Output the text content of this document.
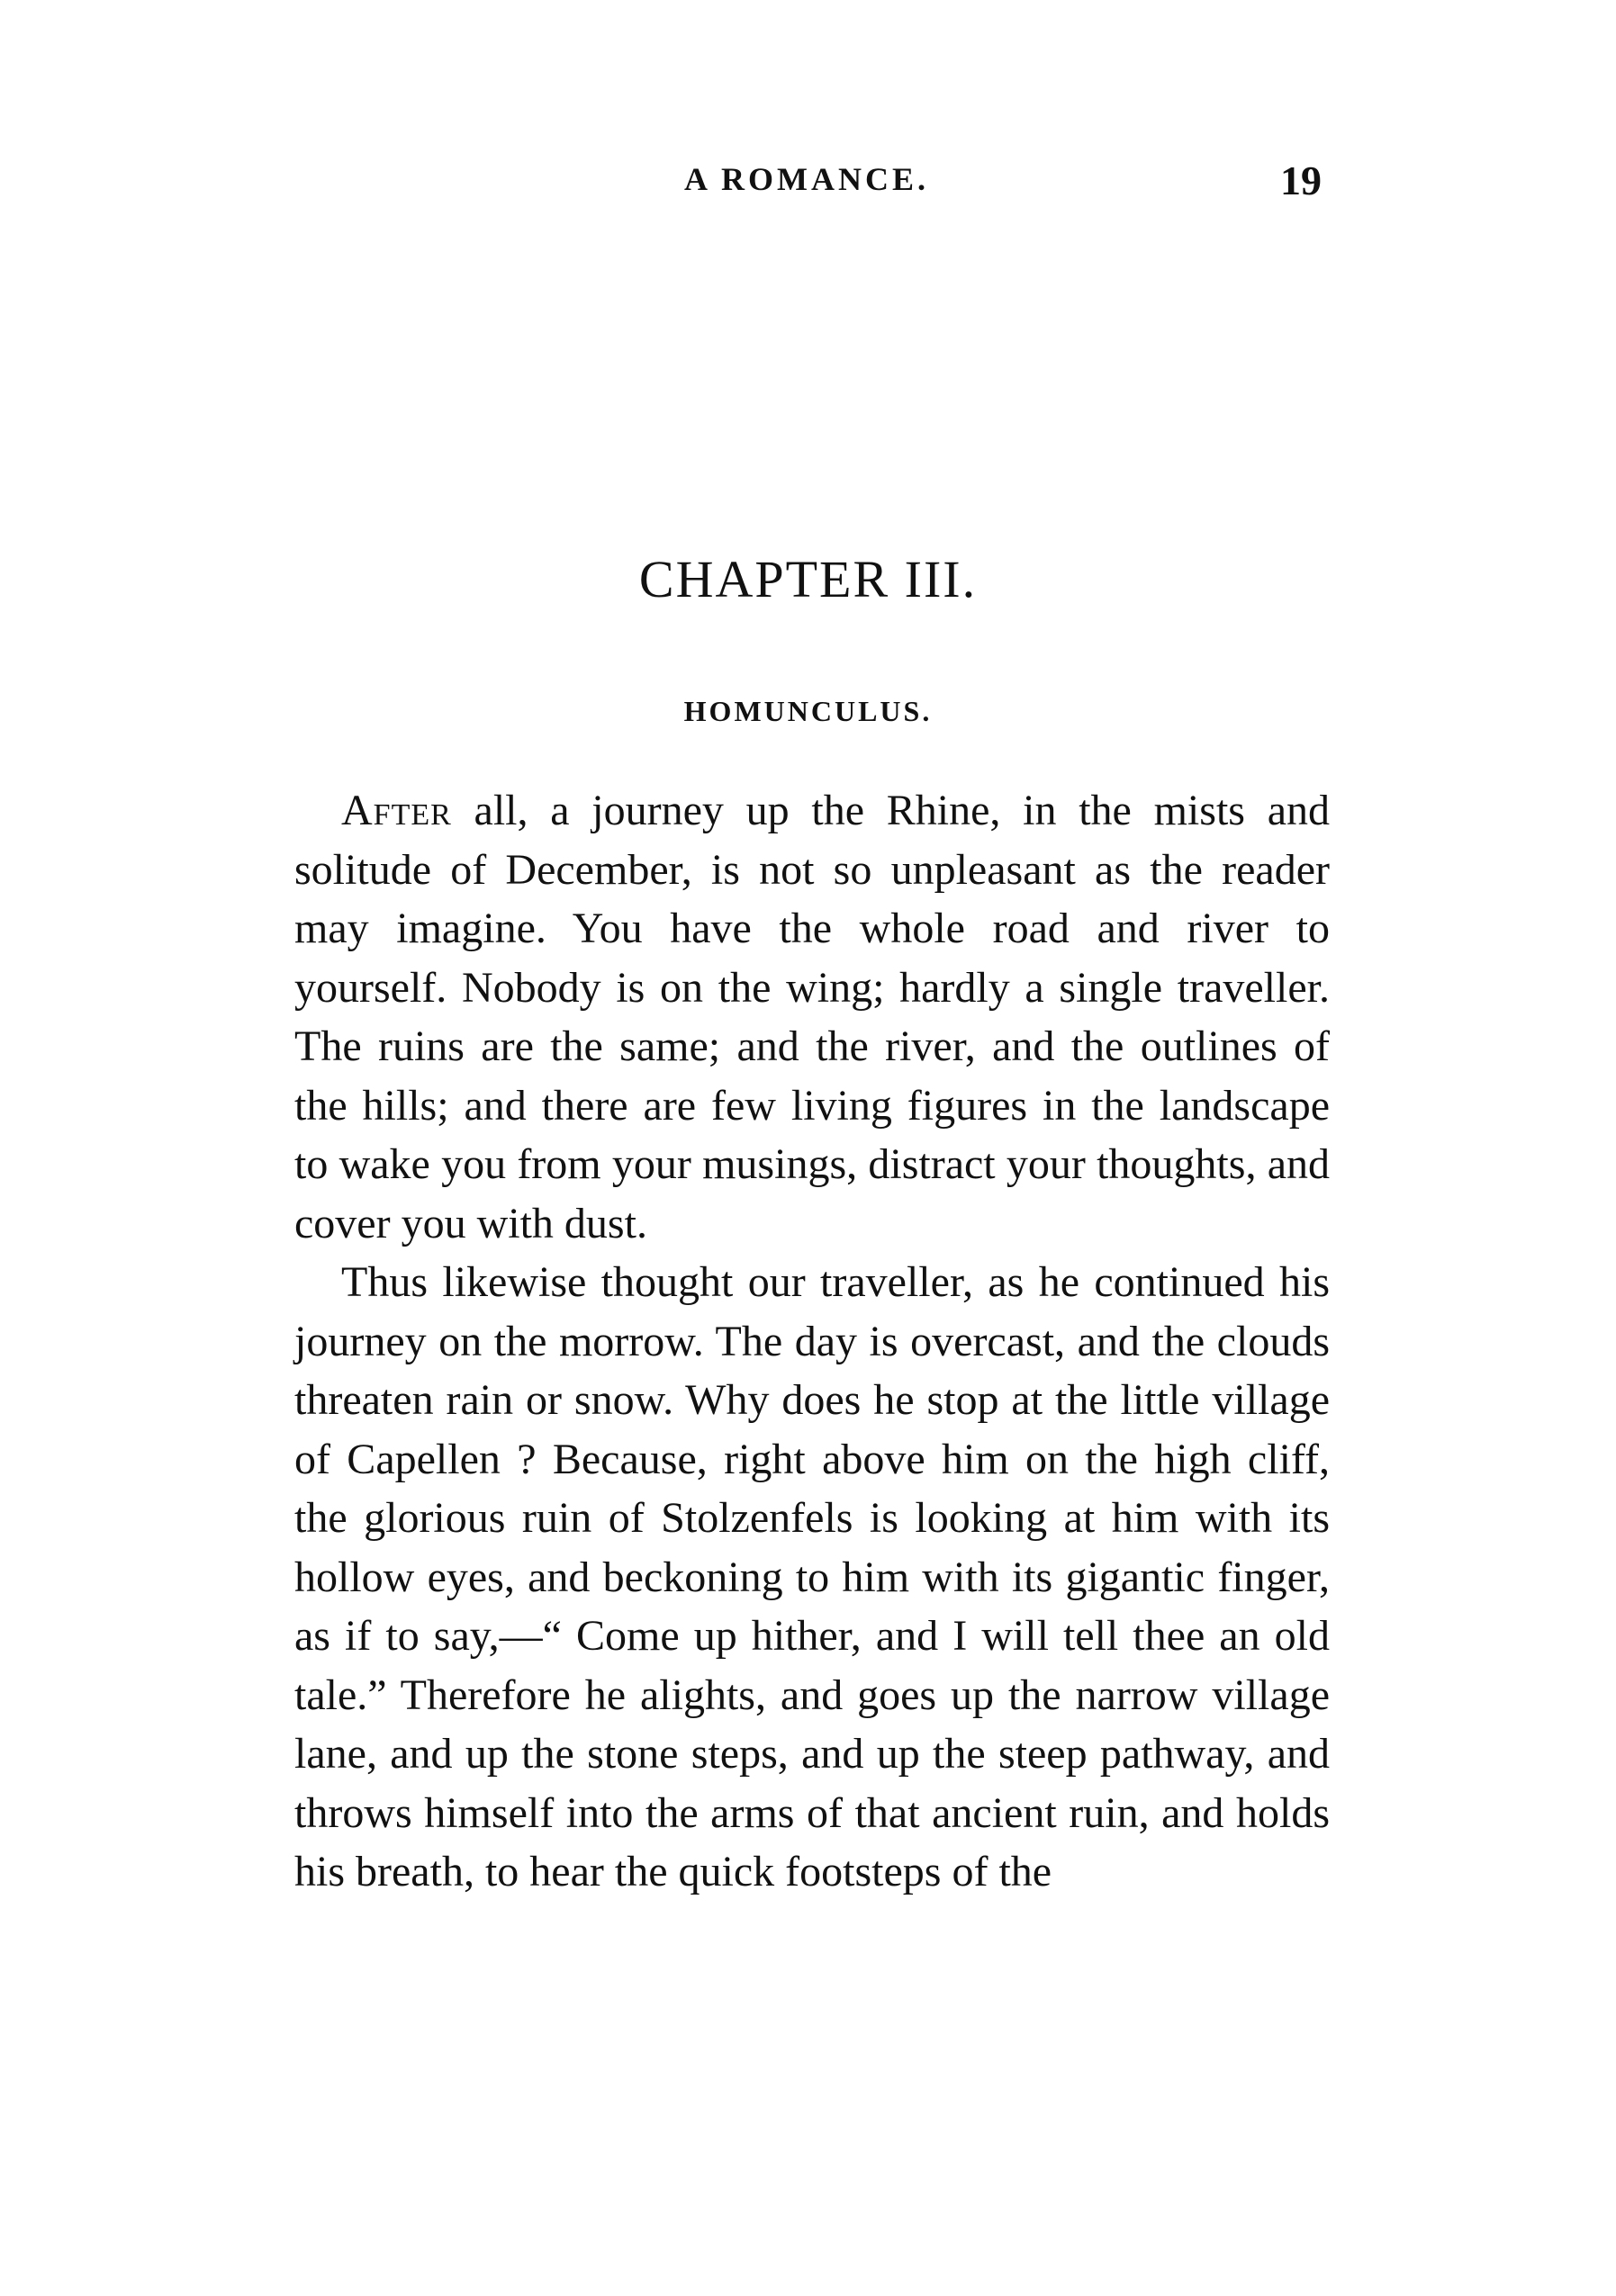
A ROMANCE.	19
CHAPTER III.
HOMUNCULUS.

After all, a journey up the Rhine, in the mists and solitude of December, is not so unpleasant as the reader may imagine. You have the whole road and river to yourself. Nobody is on the wing; hardly a single traveller. The ruins are the same; and the river, and the outlines of the hills; and there are few living figures in the landscape to wake you from your musings, distract your thoughts, and cover you with dust.

Thus likewise thought our traveller, as he continued his journey on the morrow. The day is overcast, and the clouds threaten rain or snow. Why does he stop at the little village of Capellen ? Because, right above him on the high cliff, the glorious ruin of Stolzenfels is looking at him with its hollow eyes, and beckoning to him with its gigantic finger, as if to say,—“ Come up hither, and I will tell thee an old tale.” Therefore he alights, and goes up the narrow village lane, and up the stone steps, and up the steep pathway, and throws himself into the arms of that ancient ruin, and holds his breath, to hear the quick footsteps of the
